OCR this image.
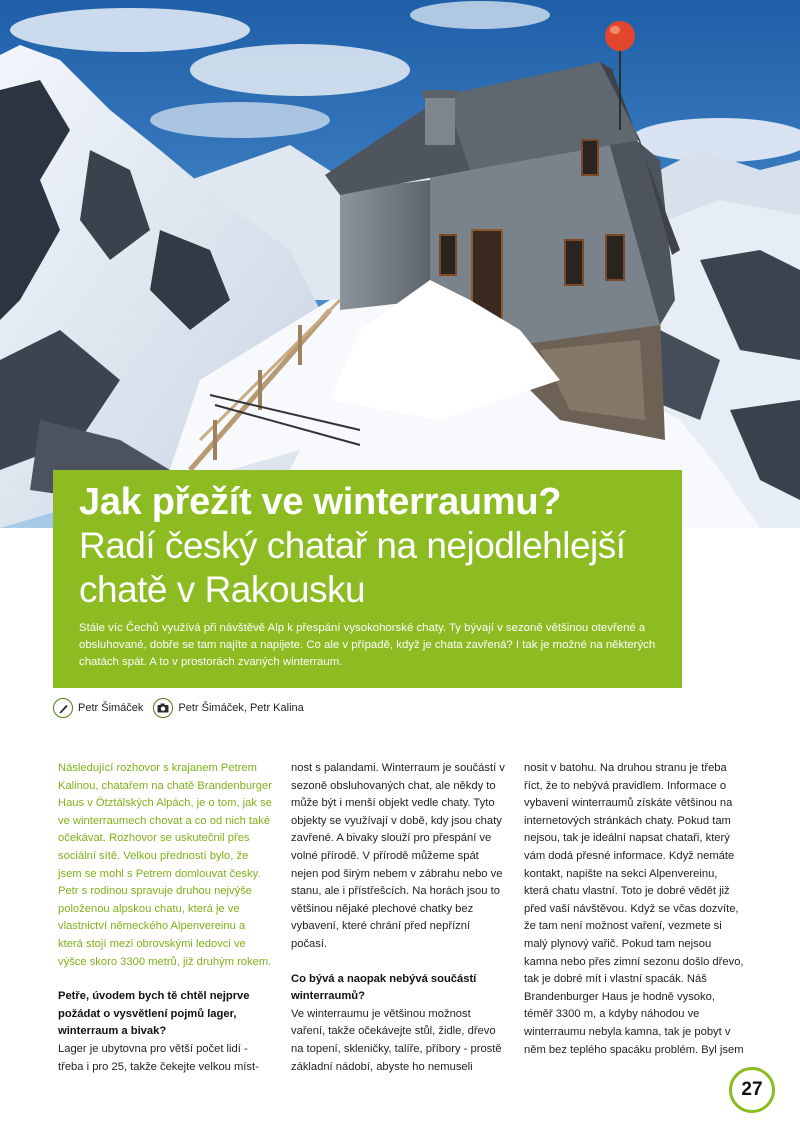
Jak přežít ve winterraumu?

Radí český chatař na nejodlehlejší chatě v Rakousku

Stále víc Čechů využívá při návštěvě Alp k přespání vysokohorské chaty. Ty bývají v sezoně většinou otevřené a obsluhované, dobře se tam najíte a napijete. Co ale v případě, když je chata zavřená? I tak je možné na některých chatách spát. A to v prostorách zvaných winterraum.

Petr Šimáček	Petr Šimáček, Petr Kalina

Následující rozhovor s krajanem Petrem Kalinou, chatařem na chatě Brandenburger Haus v Ötztálských Alpách, je o tom, jak se ve winterraumech chovat a co od nich také očekávat. Rozhovor se uskutečnil přes sociální sítě. Velkou předností bylo, že jsem se mohl s Petrem domlouvat česky. Petr s rodinou spravuje druhou nejvýše položenou alpskou chatu, která je ve vlastnictví německého Alpenvereinu a která stojí mezi obrovskými ledovci ve výšce skoro 3300 metrů, již druhým rokem.

Petře, úvodem bych tě chtěl nejprve požádat o vysvětlení pojmů lager, winterraum a bivak?

Lager je ubytovna pro větší počet lidí - třeba i pro 25, takže čekejte velkou míst-

nost s palandami. Winterraum je součástí v sezoně obsluhovaných chat, ale někdy to může být i menší objekt vedle chaty. Tyto objekty se využívají v době, kdy jsou chaty zavřené. A bivaky slouží pro přespání ve volné přírodě. V přírodě můžeme spát nejen pod širým nebem v zábrahu nebo ve stanu, ale i přístřešcích. Na horách jsou to většinou nějaké plechové chatky bez vybavení, které chrání před nepřízní počasí.

Co bývá a naopak nebývá součástí winterraumů?

Ve winterraumu je většinou možnost vaření, takže očekávejte stůl, židle, dřevo na topení, skleničky, talíře, příbory - prostě základní nádobí, abyste ho nemuseli

nosit v batohu. Na druhou stranu je třeba říct, že to nebývá pravidlem. Informace o vybavení winterraumů získáte většinou na internetových stránkách chaty. Pokud tam nejsou, tak je ideální napsat chataři, který vám dodá přesné informace. Když nemáte kontakt, napište na sekci Alpenvereinu, která chatu vlastní. Toto je dobré vědět již před vaší návštěvou. Když se včas dozvíte, že tam není možnost vaření, vezmete si malý plynový vařič. Pokud tam nejsou kamna nebo přes zimní sezonu došlo dřevo, tak je dobré mít i vlastní spacák. Náš Brandenburger Haus je hodně vysoko, téměř 3300 m, a kdyby náhodou ve winterraumu nebyla kamna, tak je pobyt v něm bez teplého spacáku problém. Byl jsem

27
